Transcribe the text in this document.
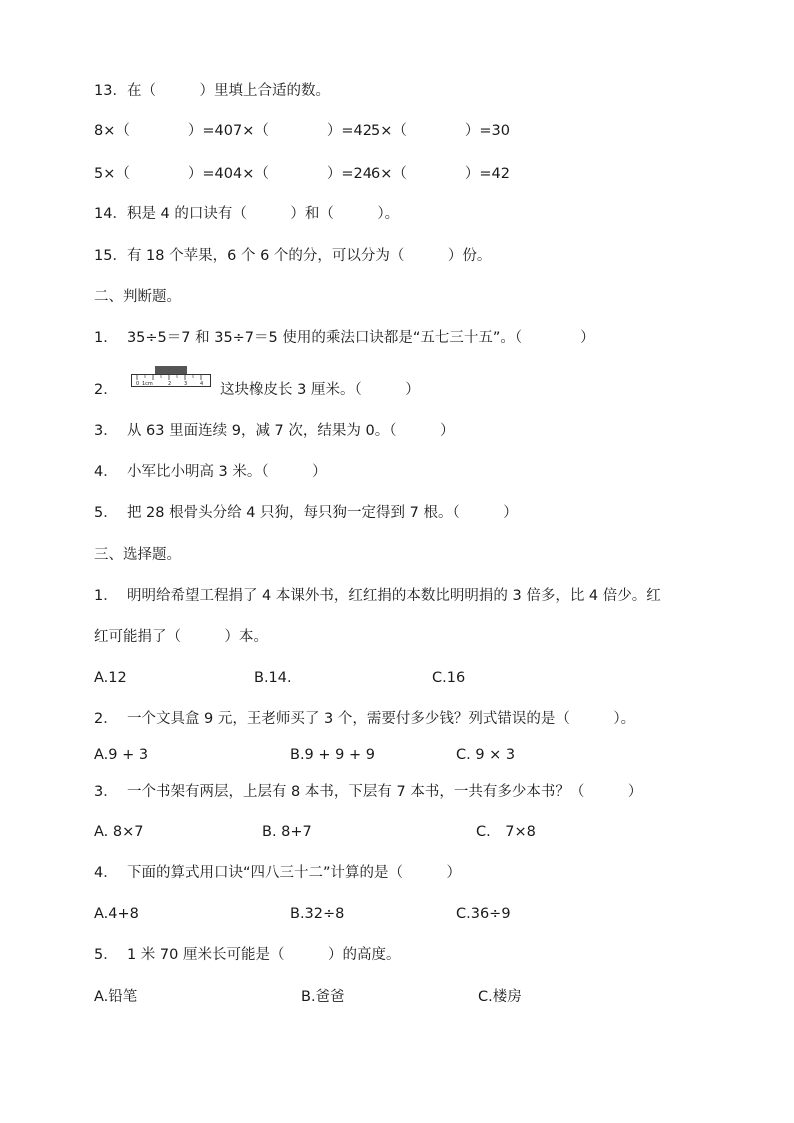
13．在（　　　）里填上合适的数。
8×（　　　　）=40 7×（　　　　）=42 5×（　　　　）=30
5×（　　　　）=40 4×（　　　　）=24 6×（　　　　）=42
14．积是 4 的口诀有（　　　）和（　　　）。
15．有 18 个苹果，6 个 6 个的分，可以分为（　　　）份。
二、判断题。
1．  35÷5＝7 和 35÷7＝5 使用的乘法口诀都是“五七三十五”。（　　　　）
2．	0 1cm	2	3	4 这块橡皮长 3 厘米。（　　　）
3．  从 63 里面连续 9，减 7 次，结果为 0。（　　　）
4．  小军比小明高 3 米。（　　　）
5．  把 28 根骨头分给 4 只狗，每只狗一定得到 7 根。（　　　）
三、选择题。
1．  明明给希望工程捐了 4 本课外书，红红捐的本数比明明捐的 3 倍多，比 4 倍少。红
红可能捐了（　　　）本。
A.12	B.14.	C.16
2．  一个文具盒 9 元，王老师买了 3 个，需要付多少钱？列式错误的是（　　　）。
A.9 + 3	B.9 + 9 + 9	C. 9 × 3
3．  一个书架有两层，上层有 8 本书，下层有 7 本书，一共有多少本书？（　　　）
A. 8×7	B. 8+7	C.　7×8
4．  下面的算式用口诀“四八三十二”计算的是（　　　）
A.4+8	B.32÷8	C.36÷9
5．  1 米 70 厘米长可能是（　　　）的高度。
A.铅笔	B.爸爸	C.楼房
